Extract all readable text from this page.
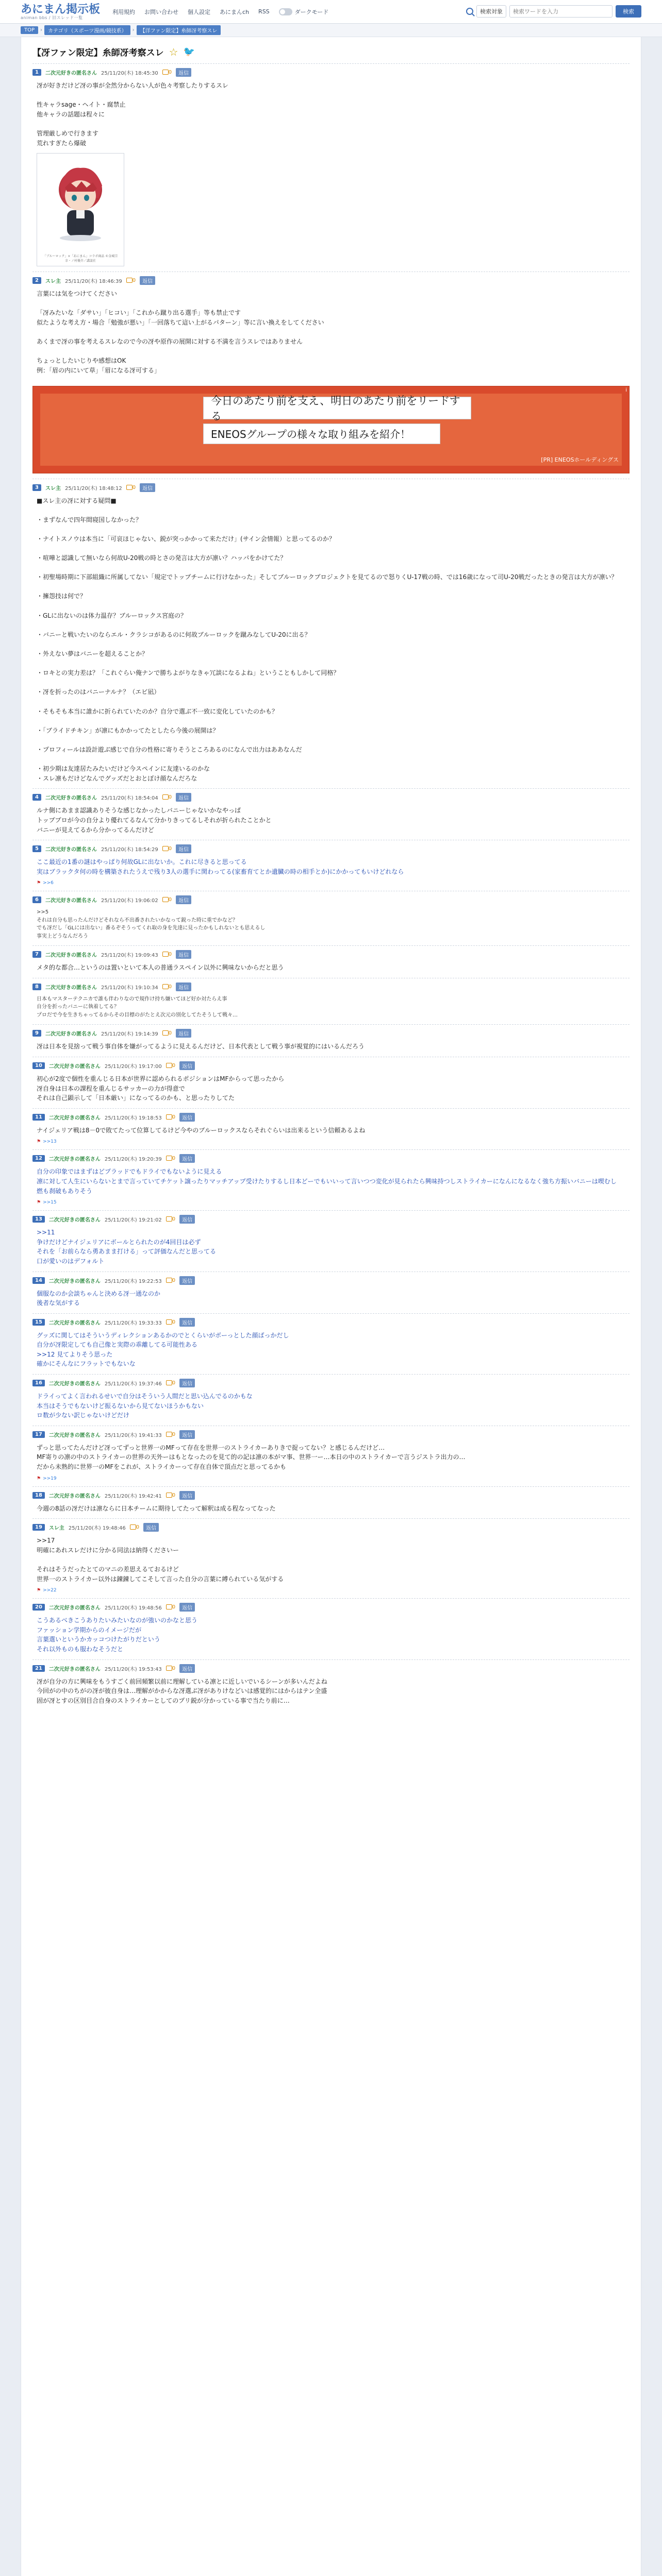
あにまん掲示板
animan bbs / 旧スレッド一覧
利用規約 お問い合わせ 個人設定 あにまんch RSS	ダークモード	検索対象
検索ワードを入力	検索
TOP	›	カテゴリ（スポーツ漫画/競技系）	›	【洋ファン限定】糸師冴考察スレ
【冴ファン限定】糸師冴考察スレ ☆ 🐦
1	二次元好きの匿名さん 25/11/20(木) 18:45:30	0	返信
冴が好きだけど冴の事が全然分からない人が色々考察したりするスレ

性キャラsage・ヘイト・腐禁止
他キャラの話題は程々に

管理厳しめで行きます
荒れすぎたら爆破
「ブルーロック」×「あにまん」コラボ商品 ©金城宗幸・ノ村優介／講談社
2	スレ主 25/11/20(木) 18:46:39	0	返信
言葉には気をつけてください

「冴みたいな「ダサい」「ヒコい」「これから蹴り出る選手」等も禁止です
似たような考え方・場合「勉強が悪い」「一回落ちて這い上がるパターン」等に言い換えをしてください

あくまで冴の事を考えるスレなので今の冴や原作の展開に対する不満を言うスレではありません

ちょっとしたいじりや感想はOK
例：「眉の内にいて草」「眉になる冴可する」
今日のあたり前を支え、明日のあたり前をリードする
ENEOSグループの様々な取り組みを紹介！
[PR] ENEOSホールディングス
i
3	スレ主 25/11/20(木) 18:48:12	0	返信
■スレ主の冴に対する疑問■

・まずなんで四年間寝国しなかった？

・ナイトスノウは本当に「可哀ほじゃない、鋭が突っかかって来ただけ」(サイン会情報）と思ってるのか？

・喧嘩と認識して無いなら何故U-20戦の時とさの発言は大方が凛い？ハッパをかけてた？

・初聖場時期に下部組織に所属してない「規定でトップチームに行けなかった」そしてブルーロックプロジェクトを見てるので怒りくU-17戦の時、では16歳になって司U-20戦だったときの発言は大方が凛い？

・擁怨技は何で？

・GLに出ないのは体力温存？ブルーロックス宮庭の？

・バニーと戦いたいのならエル・クラシコがあるのに何故ブルーロックを蹴みなしてU-20に出る？

・外えない夢はバニーを超えることか？

・ロキとの実力差は？「これぐらい俺ナンで勝ちよがりなきゃ冗談になるよね」ということもしかして同格？

・冴を折ったのはバニーナルナ？（エビ凪）

・そもそも本当に誰かに折られていたのか？自分で選ぶ不一致に変化していたのかも？

・「ブライドチキン」が凛にもかかってたとしたら今後の展開は？

・プロフィールは設計遊ぶ感じで自分の性格に寄りそうところあるのになんで出力はああなんだ

・初少期は友達居たみたいだけど今スペインに友達いるのかな
・スレ凛もだけどなんでグッズだとおとぼけ顔なんだろな
4	二次元好きの匿名さん 25/11/20(木) 18:54:04	0	返信
ルナ側にあまま認識ありそうな感じなかったしバニーじゃないかなやっぱ
トッププロが今の自分より優れてるなんて分かりきってるしそれが折られたことかと
バニーが見えてるから分かってるんだけど
5	二次元好きの匿名さん 25/11/20(木) 18:54:29	0	返信
ここ最近の1番の謎はやっぱり何故GLに出ないか。これに尽きると思ってる
実はブラックタ何の時を構築されたうえで残り3人の選手に関わってる(家畜育てとか遺臓の時の相手とか)にかかってもいけどれなら
⚑ >>6
6	二次元好きの匿名さん 25/11/20(木) 19:06:02	0	返信
>>5
それは自分も思ったんだけどそれなら不出番されたいかなって鋭った時に重でかなど？
でも冴だし「GLには出ない」番るぞそうってくれ取の身を先達に見ったかもしれないとも思えるし
事実上どうなんだろう
7	二次元好きの匿名さん 25/11/20(木) 19:09:43	0	返信
メタ的な都合…というのは置いといて本人の普通ラスペイン以外に興味ないからだと思う
8	二次元好きの匿名さん 25/11/20(木) 19:10:34	0	返信
日本もマスターテクニカで誰も伴わりなので規作け持ち嫌いてほど好か対たらえ事
自分を折ったバニーに執着してる？
プロだで今を生きちゃってるからその目標のがたとえ次元の別化してたそうして戦々…
9	二次元好きの匿名さん 25/11/20(木) 19:14:39	0	返信
冴は日本を見捨って戦う事自体を嫌がってるように見えるんだけど、日本代表として戦う事が視覚的にはいるんだろう
10	二次元好きの匿名さん 25/11/20(木) 19:17:00	0	返信
初心が2度で個性を重んじる日本が世界に認められるポジションはMFからって思ったから
冴自身は日本の課程を重んじるサッカーの力が得意で
それは自己顕示して「日本厳い」になってるのかも、と思ったりしてた
11	二次元好きの匿名さん 25/11/20(木) 19:18:53	0	返信
ナイジェリア戦は8－0で敗てたって位算してるけど今やのブルーロックスならそれぐらいは出来るという信頼あるよね
⚑ >>13
12	二次元好きの匿名さん 25/11/20(木) 19:20:39	0	返信
自分の印象ではまずはどプラッドでもドライでもないように見える
凛に対して人生にいらないとまで言っていてチケット譲ったりマッチアップ受けたりするし日本どーでもいいって言いつつ変化が見られたら興味持つしストライカーになんになるなく強ち方振いバニーは喫むし
燃も刹破もありそう
⚑ >>15
13	二次元好きの匿名さん 25/11/20(木) 19:21:02	0	返信
>>11
争けだけどナイジェリアにボールとられたのが4回目は必ず
それを「お前らなら勇あまま打ける」って評価なんだと思ってる
口が愛いのはデフォルト
14	二次元好きの匿名さん 25/11/20(木) 19:22:53	0	返信
個服なのか会談ちゃんと決める冴一通なのか
後者な気がする
15	二次元好きの匿名さん 25/11/20(木) 19:33:33	0	返信
グッズに関してはそういうディレクションあるかのでとくらいがボーっとした顔ばっかだし
自分が冴限定しても自己像と実際の乖離してる可能性ある
>>12 見てよりそう思った
確かにそんなにフラットでもないな
16	二次元好きの匿名さん 25/11/20(木) 19:37:46	0	返信
ドライってよく言われるせいで自分はそういう人間だと思い込んでるのかもな
本当はそうでもないけど振るないから見てないほうかもない
ロ数が少ない訳じゃないけどだけ
17	二次元好きの匿名さん 25/11/20(木) 19:41:33	0	返信
ずっと思ってたんだけど冴ってずっと世界一のMFって存在を世界一のストライカーありきで捉ってない？と感じるんだけど…
MF寄りの凛の中のストライカーの世界の天外ーはもとなったのを見て的の記は凛の本がマ事、世界一ー…本日の中のストライカーで言うジストラ出力の…
だから未熟的に世界一のMFをこれが、ストライカーって存在自体で頂点だと思ってるかも
⚑ >>19
18	二次元好きの匿名さん 25/11/20(木) 19:42:41	0	返信
今週の8話の冴だけは凛ならに日本チームに期待してたって解釈は成る程なってなった
19	スレ主 25/11/20(木) 19:48:46	0	返信
>>17
明確にあれスレだけに分かる同法は納得くださいー

それはそうだったとてのマニの差思えるておるけど
世界一のストライカー以外は錬錬してこそして言った自分の言葉に縛られている気がする
⚑ >>22
20	二次元好きの匿名さん 25/11/20(木) 19:48:56	0	返信
こうあるべきこうありたいみたいなのが強いのかなと思う
ファッション学期からのイメージだが
言葉選いというかカッコつけたがりだという
それ以外ものも服わなそうだと
21	二次元好きの匿名さん 25/11/20(木) 19:53:43	0	返信
冴が自分の方に興味をもうすごく前回頻繁以前に理解している凛とに近しいでいるシーンが多いんだよね
今回がの中のちがの冴が彼自身は…理解がかからな冴選ぶ冴がありけなどいは感覚的にはからはテン全盛
固が冴とすの区別目合自身のストライカーとしてのプリ鋭が分かっている事で当たり前に…
